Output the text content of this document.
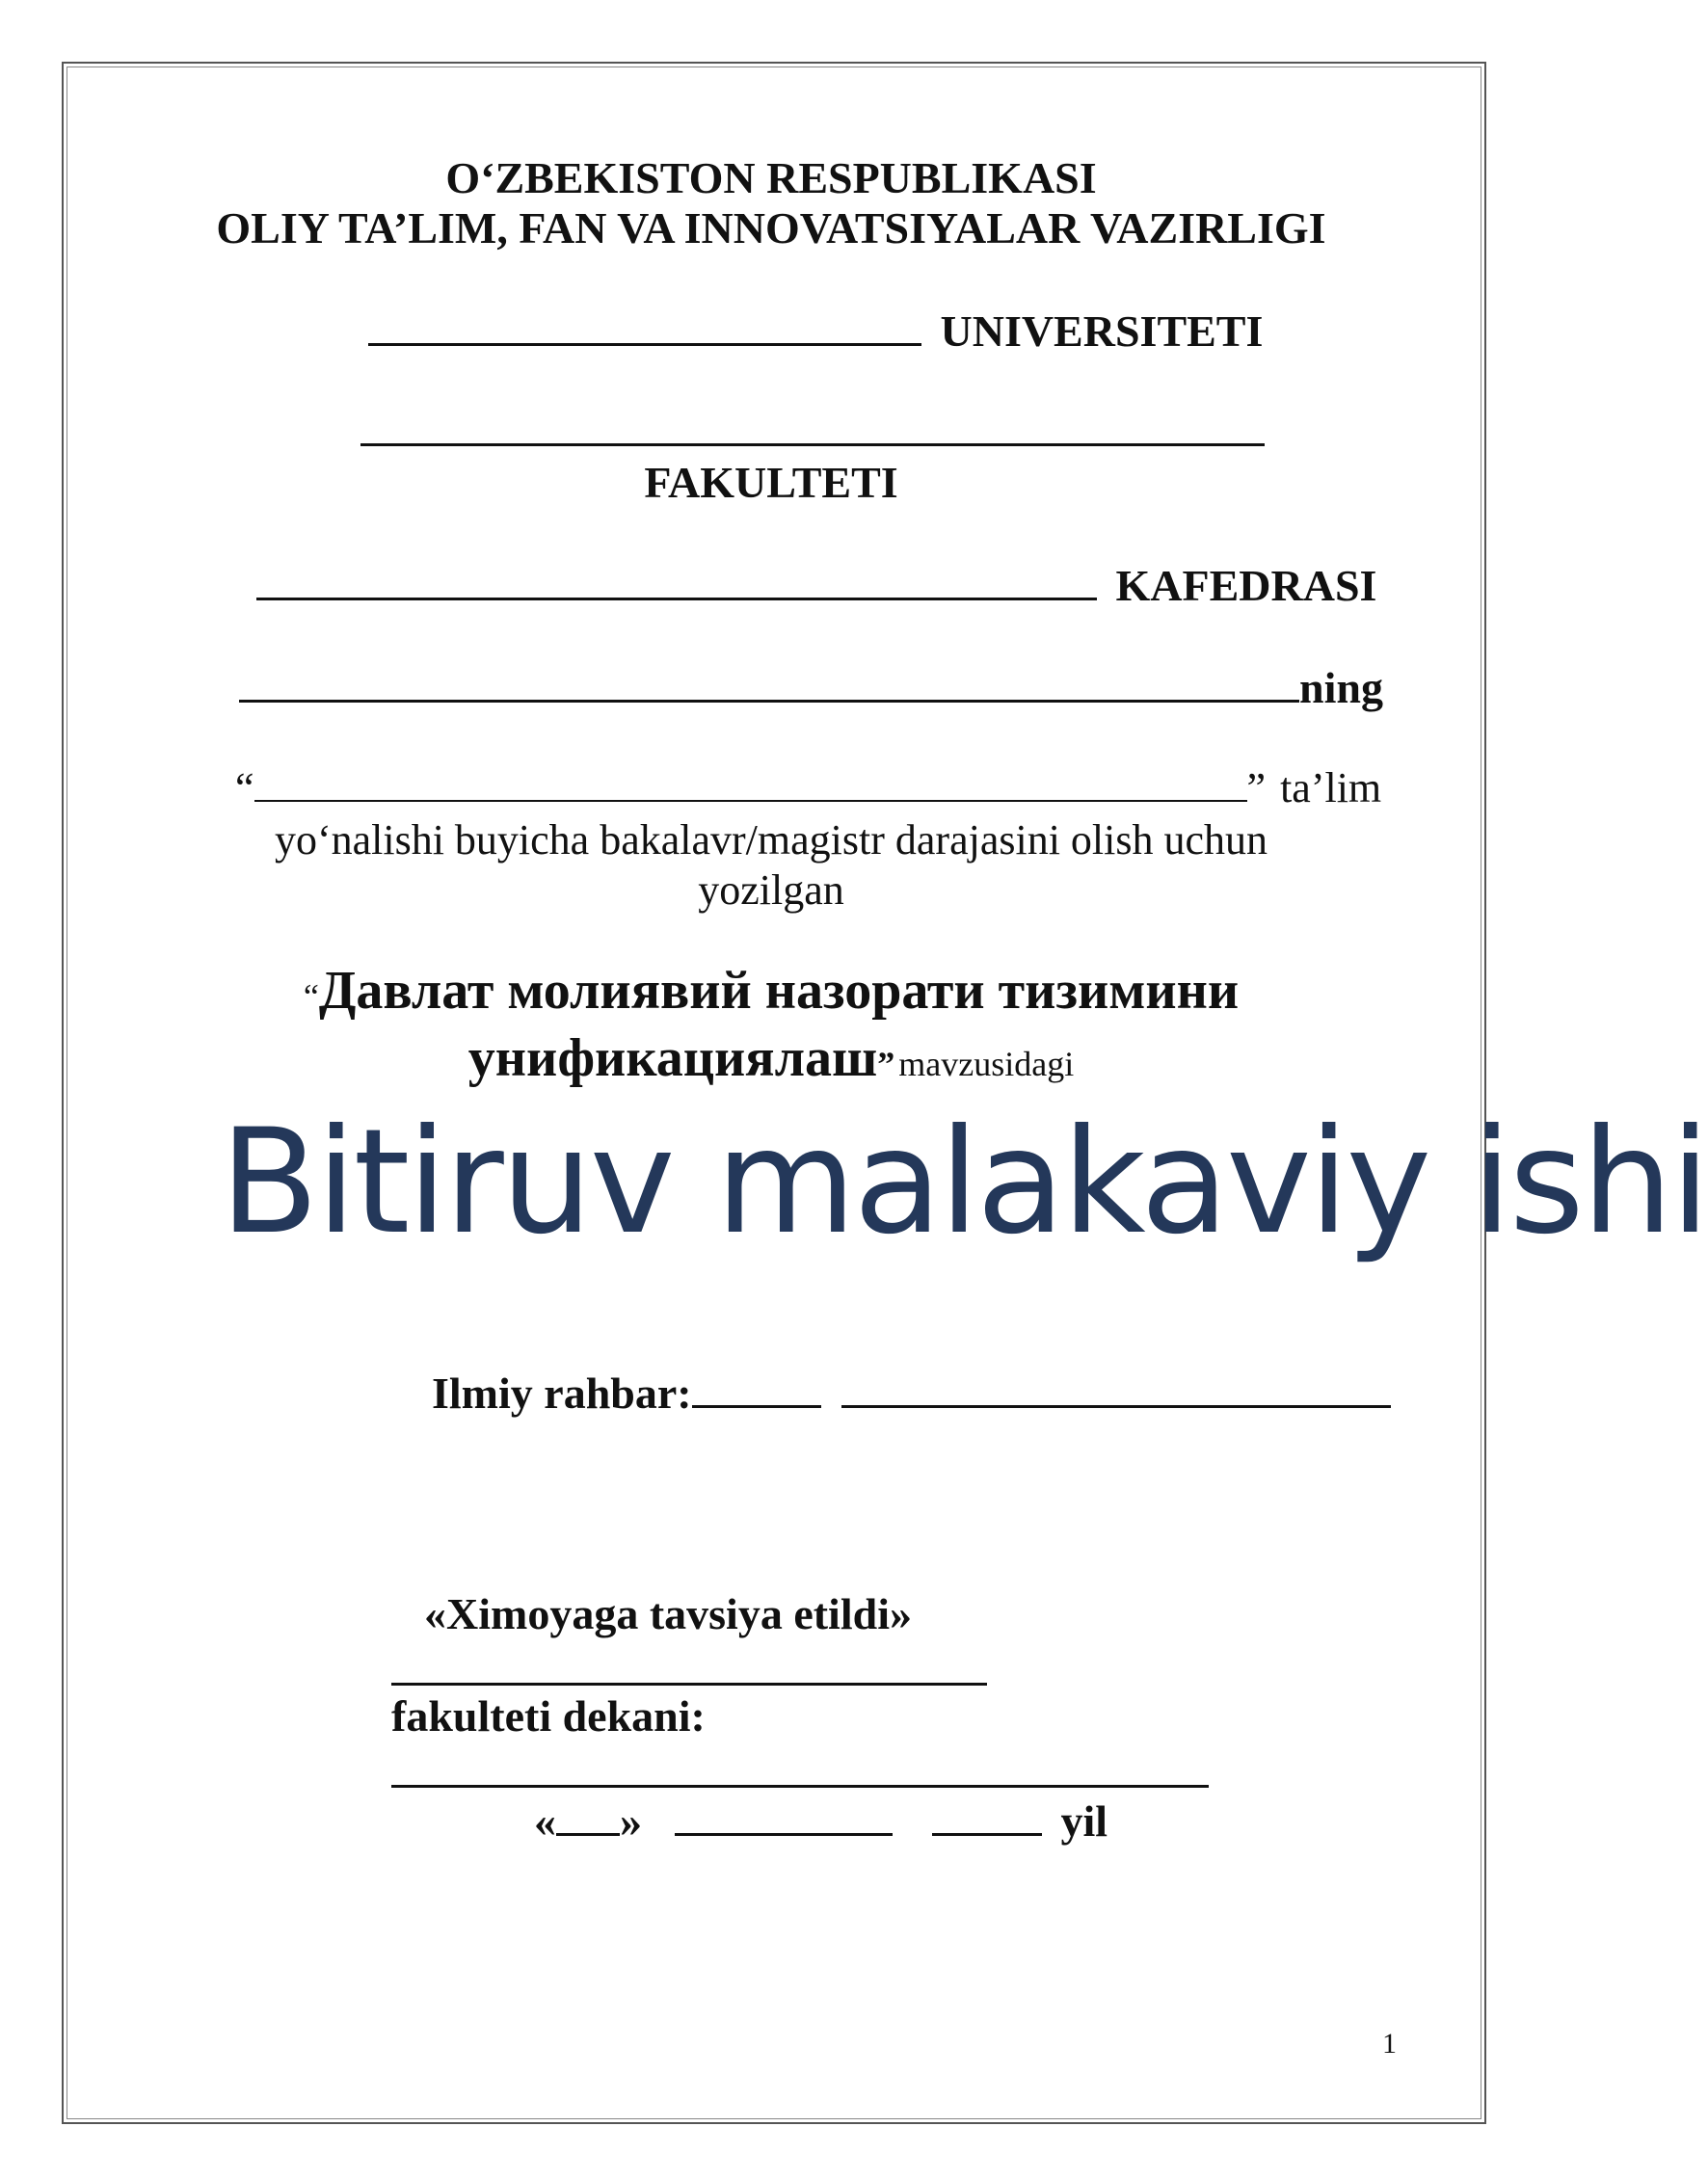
O‘ZBEKISTON RESPUBLIKASI
OLIY TA’LIM, FAN VA INNOVATSIYALAR VAZIRLIGI
UNIVERSITETI
FAKULTETI
KAFEDRASI
ning
“	” ta’lim
yo‘nalishi buyicha bakalavr/magistr darajasini olish uchun
yozilgan
“Давлат молиявий назорати тизимини
унификациялаш” mavzusidagi
Bitiruv malakaviy ishi
Ilmiy rahbar:
«Ximoyaga tavsiya etildi»
fakulteti dekani:
« »	yil
1
